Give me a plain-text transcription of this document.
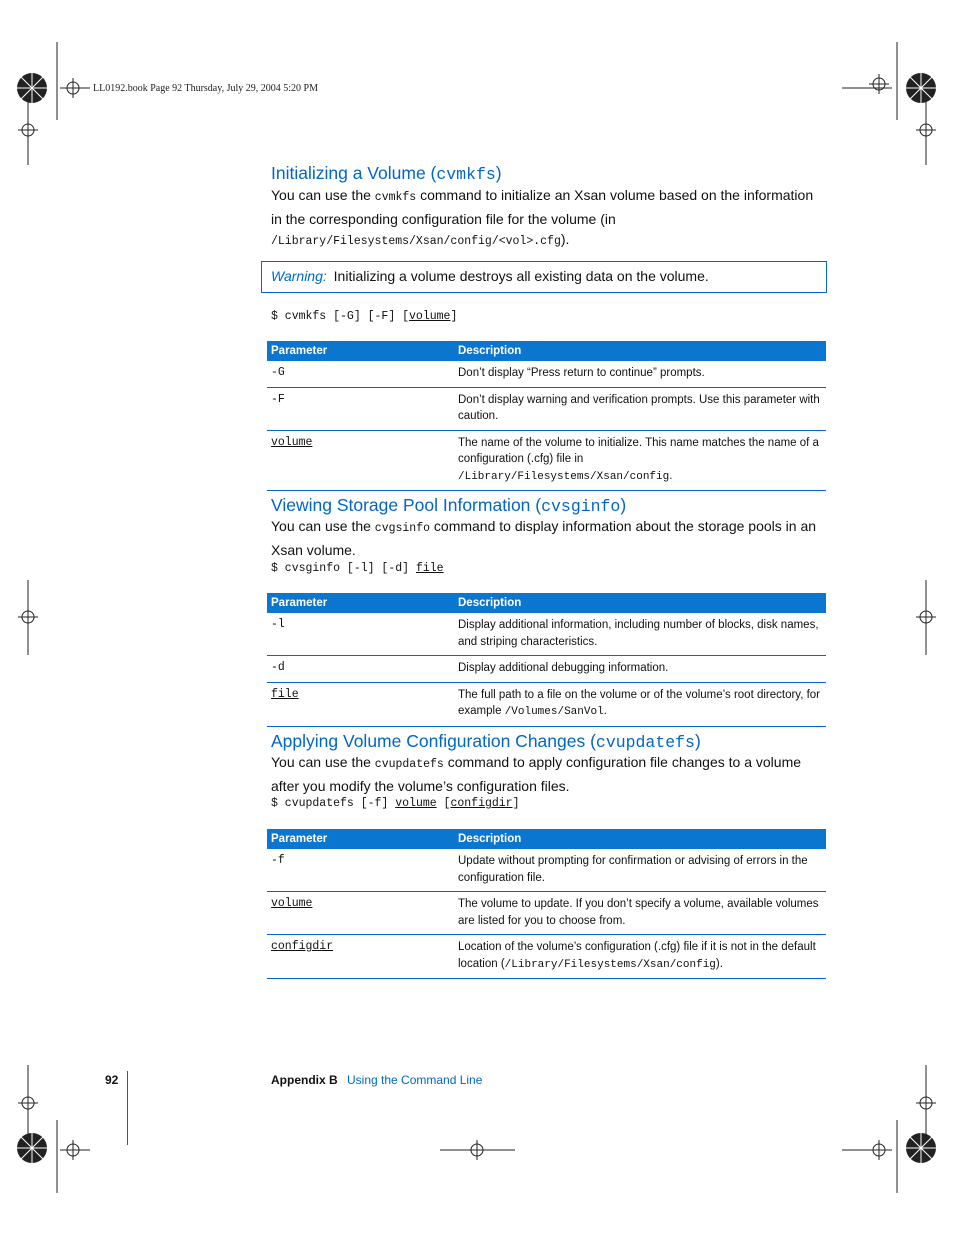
LL0192.book Page 92 Thursday, July 29, 2004 5:20 PM
Initializing a Volume (cvmkfs)
You can use the cvmkfs command to initialize an Xsan volume based on the information in the corresponding configuration file for the volume (in
/Library/Filesystems/Xsan/config/<vol>.cfg).
Warning: Initializing a volume destroys all existing data on the volume.
$ cvmkfs [-G] [-F] [volume]
Parameter	Description
-G	Don’t display “Press return to continue” prompts.
-F	Don’t display warning and verification prompts. Use this parameter with caution.
volume	The name of the volume to initialize. This name matches the name of a configuration (.cfg) file in
/Library/Filesystems/Xsan/config.
Viewing Storage Pool Information (cvsginfo)
You can use the cvgsinfo command to display information about the storage pools in an Xsan volume.
$ cvsginfo [-l] [-d] file
Parameter	Description
-l	Display additional information, including number of blocks, disk names, and striping characteristics.
-d	Display additional debugging information.
file	The full path to a file on the volume or of the volume’s root directory, for example /Volumes/SanVol.
Applying Volume Configuration Changes (cvupdatefs)
You can use the cvupdatefs command to apply configuration file changes to a volume after you modify the volume’s configuration files.
$ cvupdatefs [-f] volume [configdir]
Parameter	Description
-f	Update without prompting for confirmation or advising of errors in the configuration file.
volume	The volume to update. If you don’t specify a volume, available volumes are listed for you to choose from.
configdir	Location of the volume’s configuration (.cfg) file if it is not in the default location (/Library/Filesystems/Xsan/config).
92	Appendix B Using the Command Line
